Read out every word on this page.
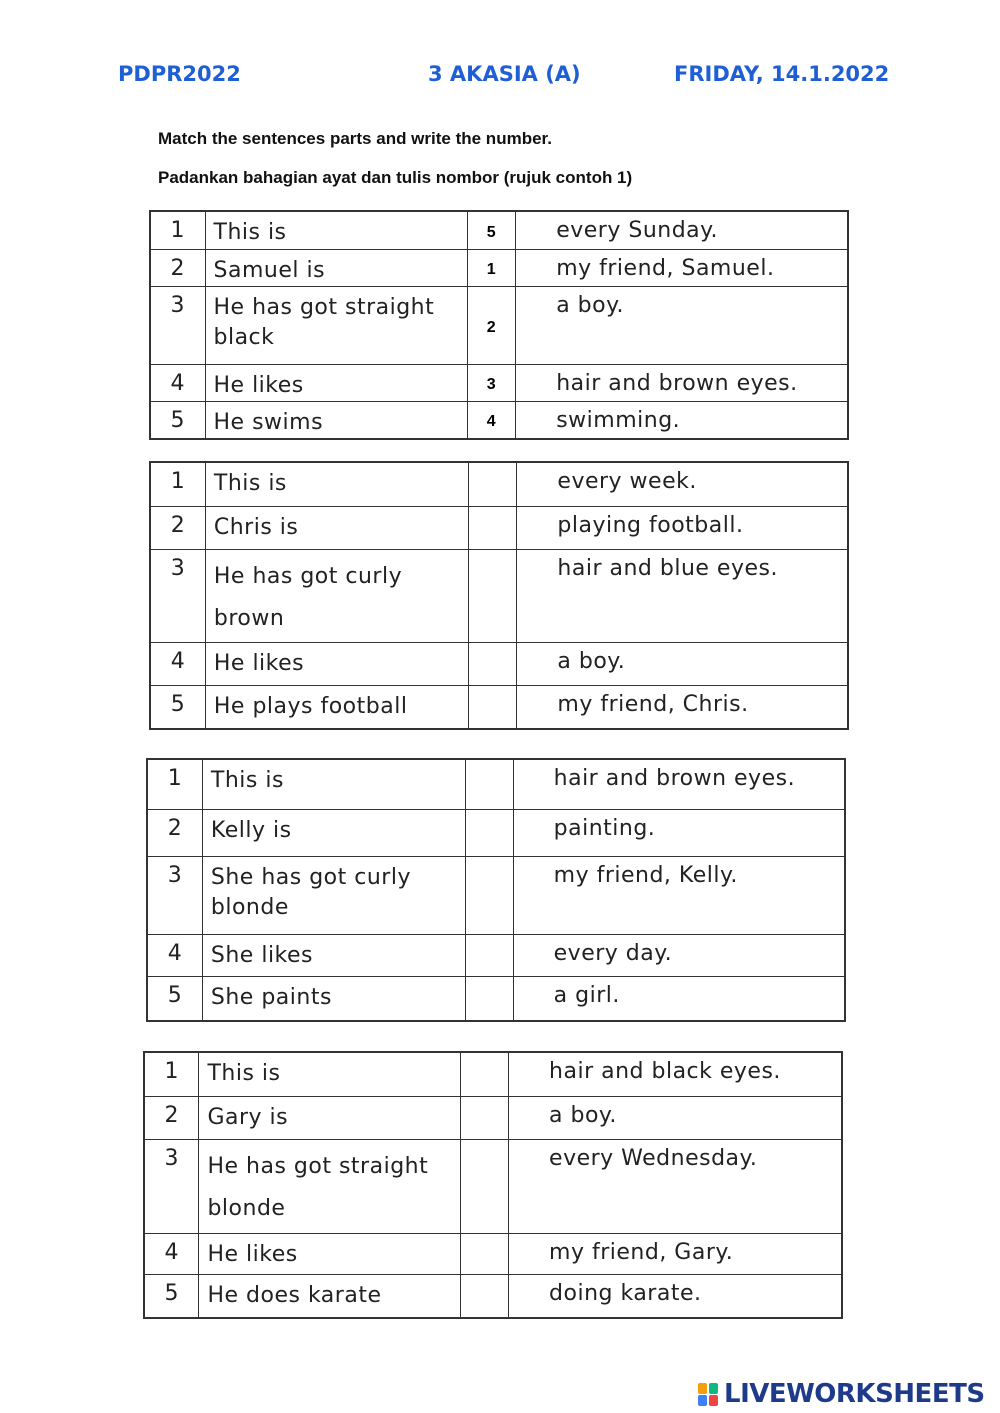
PDPR2022	3 AKASIA (A)	FRIDAY, 14.1.2022
Match the sentences parts and write the number.
Padankan bahagian ayat dan tulis nombor (rujuk contoh 1)
1	This is	5	every Sunday.
2	Samuel is	1	my friend, Samuel.
3	He has got straight black	2	a boy.
4	He likes	3	hair and brown eyes.
5	He swims	4	swimming.
1	This is		every week.
2	Chris is		playing football.
3	He has got curly brown		hair and blue eyes.
4	He likes		a boy.
5	He plays football		my friend, Chris.
1	This is		hair and brown eyes.
2	Kelly is		painting.
3	She has got curly blonde		my friend, Kelly.
4	She likes		every day.
5	She paints		a girl.
1	This is		hair and black eyes.
2	Gary is		a boy.
3	He has got straight blonde		every Wednesday.
4	He likes		my friend, Gary.
5	He does karate		doing karate.
LIVEWORKSHEETS
